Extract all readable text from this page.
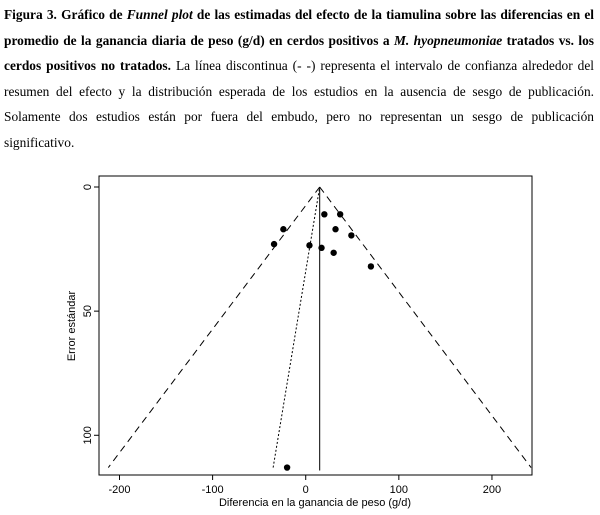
Figura 3. Gráfico de Funnel plot de las estimadas del efecto de la tiamulina sobre las diferencias en el promedio de la ganancia diaria de peso (g/d) en cerdos positivos a M. hyopneumoniae tratados vs. los cerdos positivos no tratados. La línea discontinua (- -) representa el intervalo de confianza alrededor del resumen del efecto y la distribución esperada de los estudios en la ausencia de sesgo de publicación. Solamente dos estudios están por fuera del embudo, pero no representan un sesgo de publicación significativo.
-200	-100	0	100	200
0
50
100
Diferencia en la ganancia de peso (g/d)
Error estándar
